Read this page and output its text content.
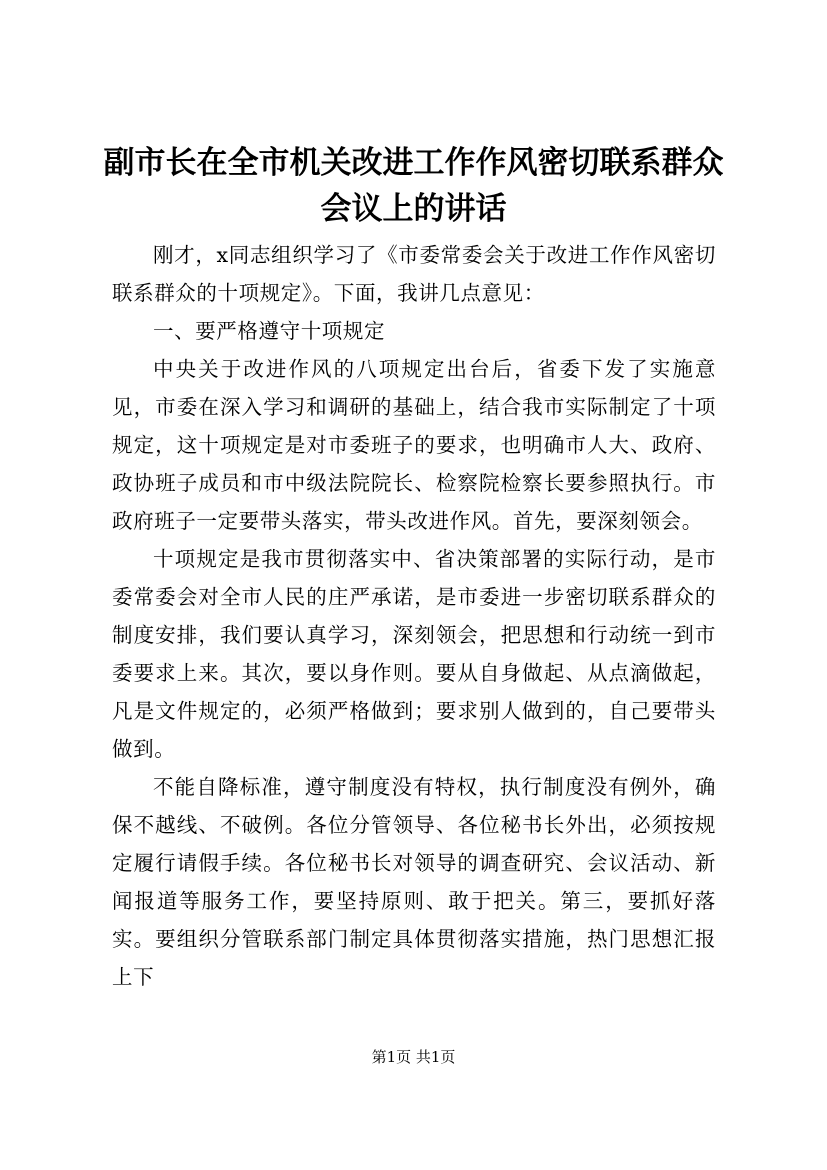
副市长在全市机关改进工作作风密切联系群众
会议上的讲话

刚才，x同志组织学习了《市委常委会关于改进工作作风密切联系群众的十项规定》。下面，我讲几点意见：

一、要严格遵守十项规定

中央关于改进作风的八项规定出台后，省委下发了实施意见，市委在深入学习和调研的基础上，结合我市实际制定了十项规定，这十项规定是对市委班子的要求，也明确市人大、政府、政协班子成员和市中级法院院长、检察院检察长要参照执行。市政府班子一定要带头落实，带头改进作风。首先，要深刻领会。

十项规定是我市贯彻落实中、省决策部署的实际行动，是市委常委会对全市人民的庄严承诺，是市委进一步密切联系群众的制度安排，我们要认真学习，深刻领会，把思想和行动统一到市委要求上来。其次，要以身作则。要从自身做起、从点滴做起，凡是文件规定的，必须严格做到；要求别人做到的，自己要带头做到。

不能自降标准，遵守制度没有特权，执行制度没有例外，确保不越线、不破例。各位分管领导、各位秘书长外出，必须按规定履行请假手续。各位秘书长对领导的调查研究、会议活动、新闻报道等服务工作，要坚持原则、敢于把关。第三，要抓好落实。要组织分管联系部门制定具体贯彻落实措施，热门思想汇报上下

第1页 共1页
